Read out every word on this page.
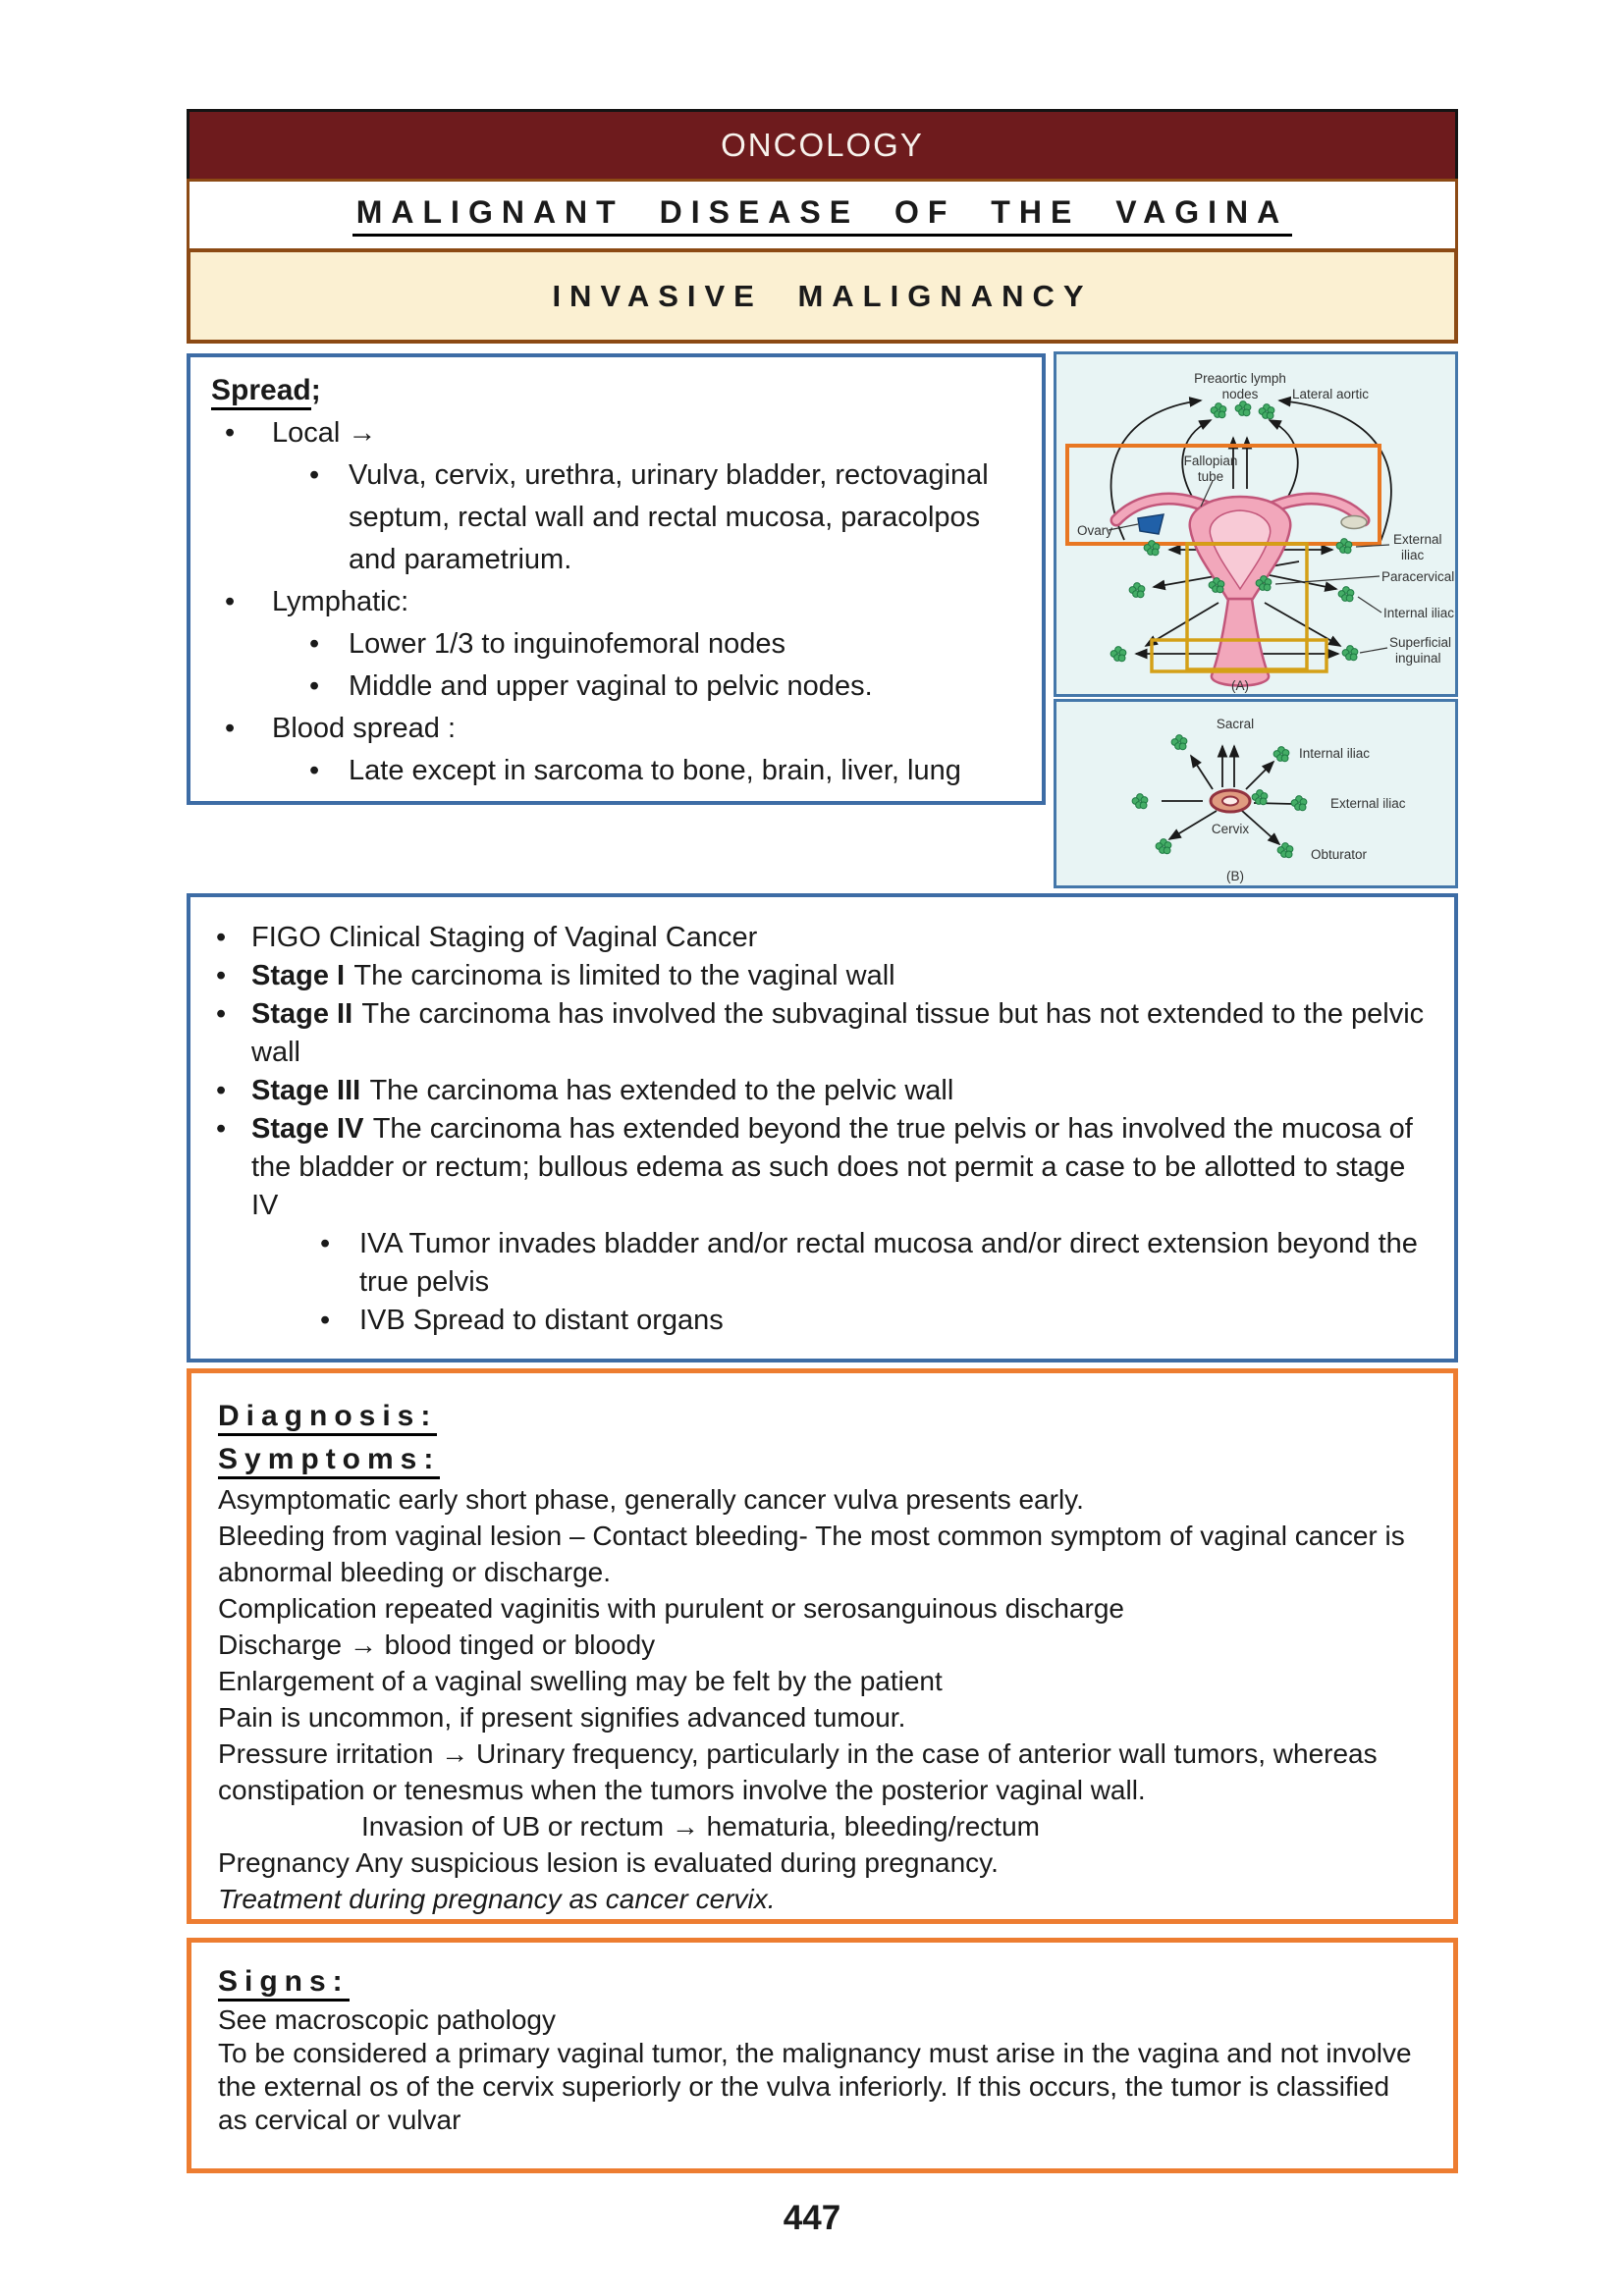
ONCOLOGY
MALIGNANT DISEASE OF THE VAGINA
INVASIVE MALIGNANCY
Spread;
• Local →
• Vulva, cervix, urethra, urinary bladder, rectovaginal septum, rectal wall and rectal mucosa, paracolpos and parametrium.
• Lymphatic:
• Lower 1/3 to inguinofemoral nodes
• Middle and upper vaginal to pelvic nodes.
• Blood spread :
• Late except in sarcoma to bone, brain, liver, lung
Preaortic lymph
nodes	Lateral aortic
Fallopian
tube
Ovary
External
iliac
Paracervical
Internal iliac
Superficial
inguinal
(A)
Sacral
Internal iliac
External iliac
Cervix
Obturator
(B)
• FIGO Clinical Staging of Vaginal Cancer
• Stage I The carcinoma is limited to the vaginal wall
• Stage II The carcinoma has involved the subvaginal tissue but has not extended to the pelvic wall
• Stage III The carcinoma has extended to the pelvic wall
• Stage IV The carcinoma has extended beyond the true pelvis or has involved the mucosa of the bladder or rectum; bullous edema as such does not permit a case to be allotted to stage IV
• IVA Tumor invades bladder and/or rectal mucosa and/or direct extension beyond the true pelvis
• IVB Spread to distant organs
Diagnosis:
Symptoms:

Asymptomatic early short phase, generally cancer vulva presents early.

Bleeding from vaginal lesion – Contact bleeding- The most common symptom of vaginal cancer is abnormal bleeding or discharge.

Complication repeated vaginitis with purulent or serosanguinous discharge

Discharge → blood tinged or bloody

Enlargement of a vaginal swelling may be felt by the patient

Pain is uncommon, if present signifies advanced tumour.

Pressure irritation → Urinary frequency, particularly in the case of anterior wall tumors, whereas constipation or tenesmus when the tumors involve the posterior vaginal wall.

Invasion of UB or rectum → hematuria, bleeding/rectum

Pregnancy Any suspicious lesion is evaluated during pregnancy.

Treatment during pregnancy as cancer cervix.

Signs:

See macroscopic pathology

To be considered a primary vaginal tumor, the malignancy must arise in the vagina and not involve the external os of the cervix superiorly or the vulva inferiorly. If this occurs, the tumor is classified as cervical or vulvar

447
